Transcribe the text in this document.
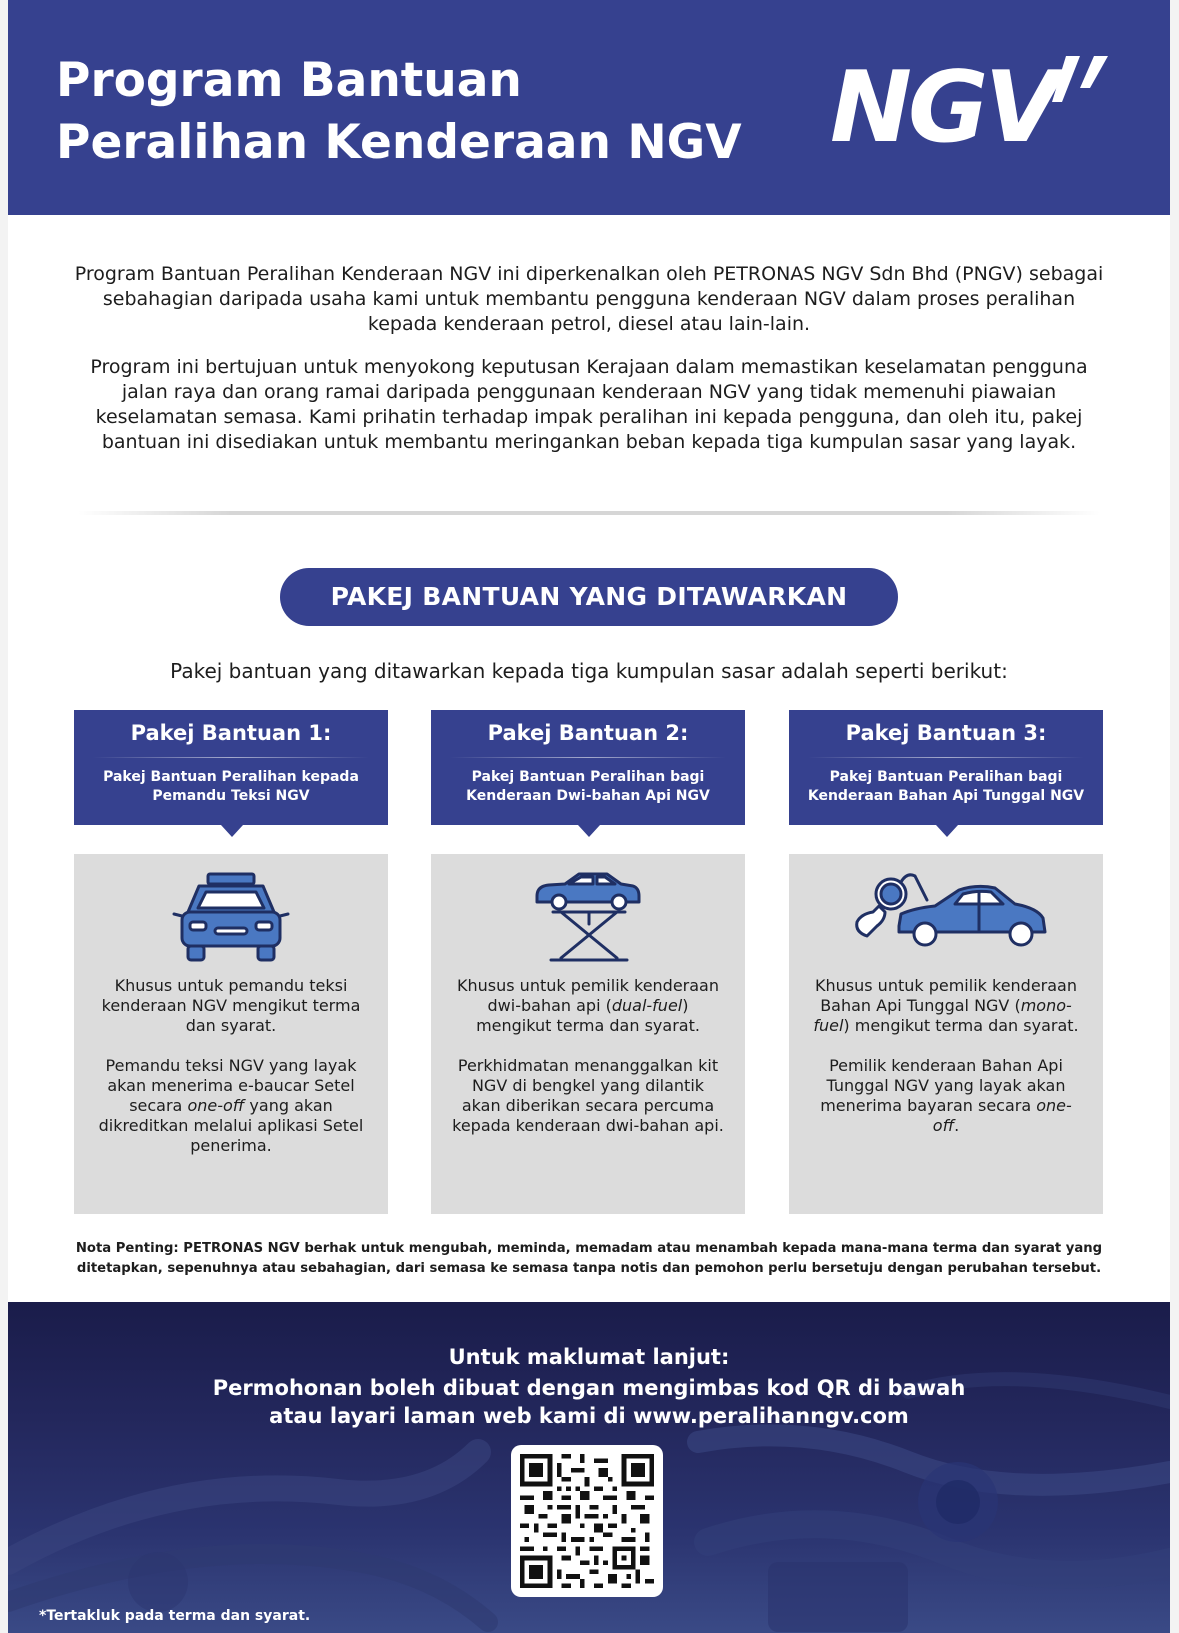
Program Bantuan
Peralihan Kenderaan NGV NGV

Program Bantuan Peralihan Kenderaan NGV ini diperkenalkan oleh PETRONAS NGV Sdn Bhd (PNGV) sebagai sebahagian daripada usaha kami untuk membantu pengguna kenderaan NGV dalam proses peralihan kepada kenderaan petrol, diesel atau lain-lain.

Program ini bertujuan untuk menyokong keputusan Kerajaan dalam memastikan keselamatan pengguna jalan raya dan orang ramai daripada penggunaan kenderaan NGV yang tidak memenuhi piawaian keselamatan semasa. Kami prihatin terhadap impak peralihan ini kepada pengguna, dan oleh itu, pakej bantuan ini disediakan untuk membantu meringankan beban kepada tiga kumpulan sasar yang layak.

PAKEJ BANTUAN YANG DITAWARKAN

Pakej bantuan yang ditawarkan kepada tiga kumpulan sasar adalah seperti berikut:

Pakej Bantuan 1:
Pakej Bantuan Peralihan kepada Pemandu Teksi NGV

Khusus untuk pemandu teksi kenderaan NGV mengikut terma dan syarat.

Pemandu teksi NGV yang layak akan menerima e-baucar Setel secara one-off yang akan dikreditkan melalui aplikasi Setel penerima.

Pakej Bantuan 2:
Pakej Bantuan Peralihan bagi Kenderaan Dwi-bahan Api NGV

Khusus untuk pemilik kenderaan dwi-bahan api (dual-fuel) mengikut terma dan syarat.

Perkhidmatan menanggalkan kit NGV di bengkel yang dilantik akan diberikan secara percuma kepada kenderaan dwi-bahan api.

Pakej Bantuan 3:
Pakej Bantuan Peralihan bagi Kenderaan Bahan Api Tunggal NGV

Khusus untuk pemilik kenderaan Bahan Api Tunggal NGV (mono-fuel) mengikut terma dan syarat.

Pemilik kenderaan Bahan Api Tunggal NGV yang layak akan menerima bayaran secara one-off.

Nota Penting: PETRONAS NGV berhak untuk mengubah, meminda, memadam atau menambah kepada mana-mana terma dan syarat yang ditetapkan, sepenuhnya atau sebahagian, dari semasa ke semasa tanpa notis dan pemohon perlu bersetuju dengan perubahan tersebut.

Untuk maklumat lanjut:
Permohonan boleh dibuat dengan mengimbas kod QR di bawah atau layari laman web kami di www.peralihanngv.com
*Tertakluk pada terma dan syarat.
